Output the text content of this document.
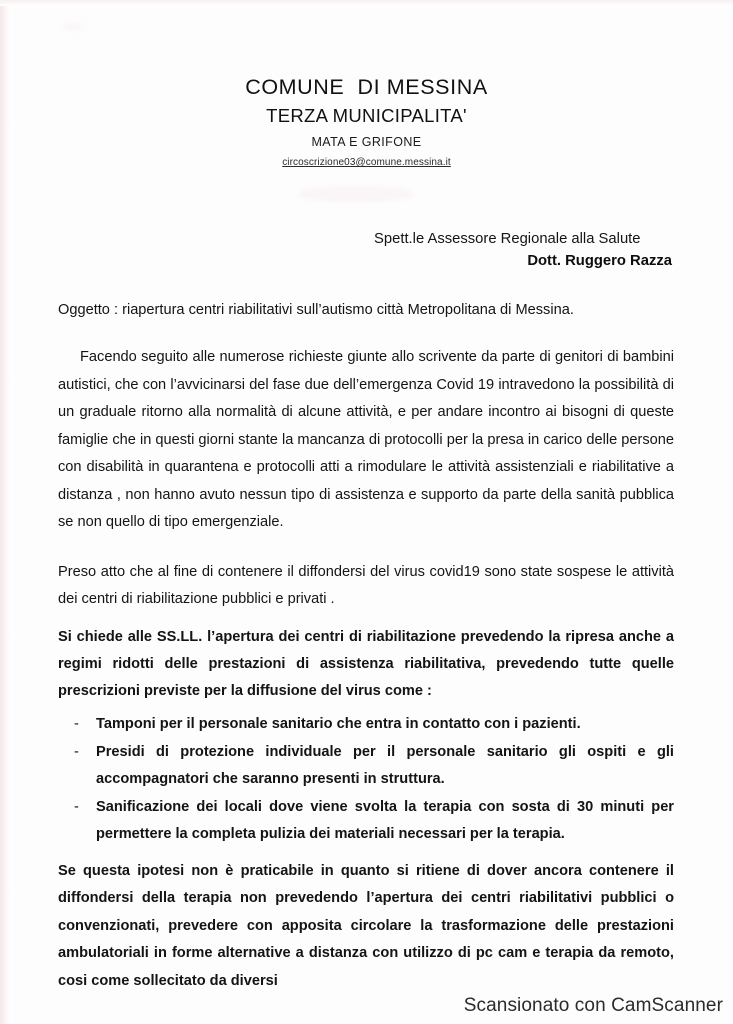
COMUNE  DI MESSINA
TERZA MUNICIPALITA'
MATA E GRIFONE
circoscrizione03@comune.messina.it
Spett.le Assessore Regionale alla Salute
Dott. Ruggero Razza
Oggetto : riapertura centri riabilitativi sull’autismo città Metropolitana di Messina.

Facendo seguito alle numerose richieste giunte allo scrivente da parte di genitori di bambini autistici, che con l’avvicinarsi del fase due dell’emergenza Covid 19 intravedono la possibilità di un graduale ritorno alla normalità di alcune attività, e per andare incontro ai bisogni di queste famiglie che in questi giorni stante la mancanza di protocolli per la presa in carico delle persone con disabilità in quarantena e protocolli atti a rimodulare le attività assistenziali e riabilitative a distanza , non hanno avuto nessun tipo di assistenza e supporto da parte della sanità pubblica se non quello di tipo emergenziale.

Preso atto che al fine di contenere il diffondersi del virus covid19 sono state sospese le attività dei centri di riabilitazione pubblici e privati .

Si chiede alle SS.LL. l’apertura dei centri di riabilitazione prevedendo la ripresa anche a regimi ridotti delle prestazioni di assistenza riabilitativa, prevedendo tutte quelle prescrizioni previste per la diffusione del virus come :

- Tamponi per il personale sanitario che entra in contatto con i pazienti.
- Presidi di protezione individuale per il personale sanitario gli ospiti e gli accompagnatori che saranno presenti in struttura.
- Sanificazione dei locali dove viene svolta la terapia con sosta di 30 minuti per permettere la completa pulizia dei materiali necessari per la terapia.

Se questa ipotesi non è praticabile in quanto si ritiene di dover ancora contenere il diffondersi della terapia non prevedendo l’apertura dei centri riabilitativi pubblici o convenzionati, prevedere con apposita circolare la trasformazione delle prestazioni ambulatoriali in forme alternative a distanza con utilizzo di pc cam e terapia da remoto, cosi come sollecitato da diversi

Scansionato con CamScanner
